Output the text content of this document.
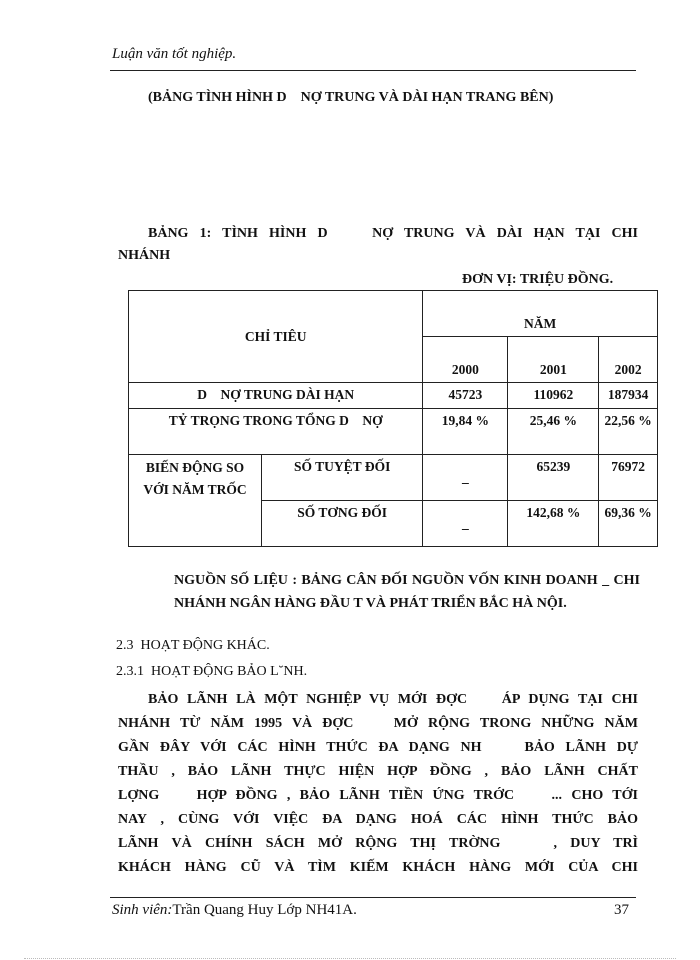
Luận văn tốt nghiệp.
(BẢNG TÌNH HÌNH D    NỢ TRUNG VÀ DÀI HẠN TRANG BÊN)
BẢNG 1: TÌNH HÌNH D    NỢ TRUNG VÀ DÀI HẠN TẠI CHI
NHÁNH
ĐƠN VỊ: TRIỆU ĐỒNG.
CHỈ TIÊU		NĂM		
		2000	2001	2002
D    NỢ TRUNG DÀI HẠN		45723	110962	187934
TỶ TRỌNG TRONG TỔNG D    NỢ		19,84 %	25,46 %	22,56 %
BIẾN ĐỘNG SO VỚI NĂM TRỐC	SỐ TUYỆT ĐỐI	_	65239	76972
	SỐ TƠNG ĐỐI	_	142,68 %	69,36 %
NGUỒN SỐ LIỆU : BẢNG CÂN ĐỐI NGUỒN VỐN KINH DOANH _ CHI NHÁNH NGÂN HÀNG ĐẦU T VÀ PHÁT TRIỂN BẮC HÀ NỘI.
2.3 HOẠT ĐỘNG KHÁC.
2.3.1 HOẠT ĐỘNG BẢO L˘NH.
BẢO LÃNH LÀ MỘT NGHIỆP VỤ MỚI ĐỢC    ÁP DỤNG TẠI CHI
NHÁNH TỪ NĂM 1995 VÀ ĐỢC    MỞ RỘNG TRONG NHỮNG NĂM
GẦN ĐÂY VỚI CÁC HÌNH THỨC ĐA DẠNG NH    BẢO LÃNH DỰ
THẦU , BẢO LÃNH THỰC HIỆN HỢP ĐỒNG , BẢO LÃNH CHẤT
LỢNG    HỢP ĐỒNG , BẢO LÃNH TIỀN ỨNG TRỚC    ... CHO TỚI
NAY , CÙNG VỚI VIỆC ĐA DẠNG HOÁ CÁC HÌNH THỨC BẢO
LÃNH VÀ CHÍNH SÁCH MỞ RỘNG THỊ TRỜNG    , DUY TRÌ
KHÁCH HÀNG CŨ VÀ TÌM KIẾM KHÁCH HÀNG MỚI CỦA CHI
Sinh viên:Trần Quang Huy Lớp NH41A.	37
